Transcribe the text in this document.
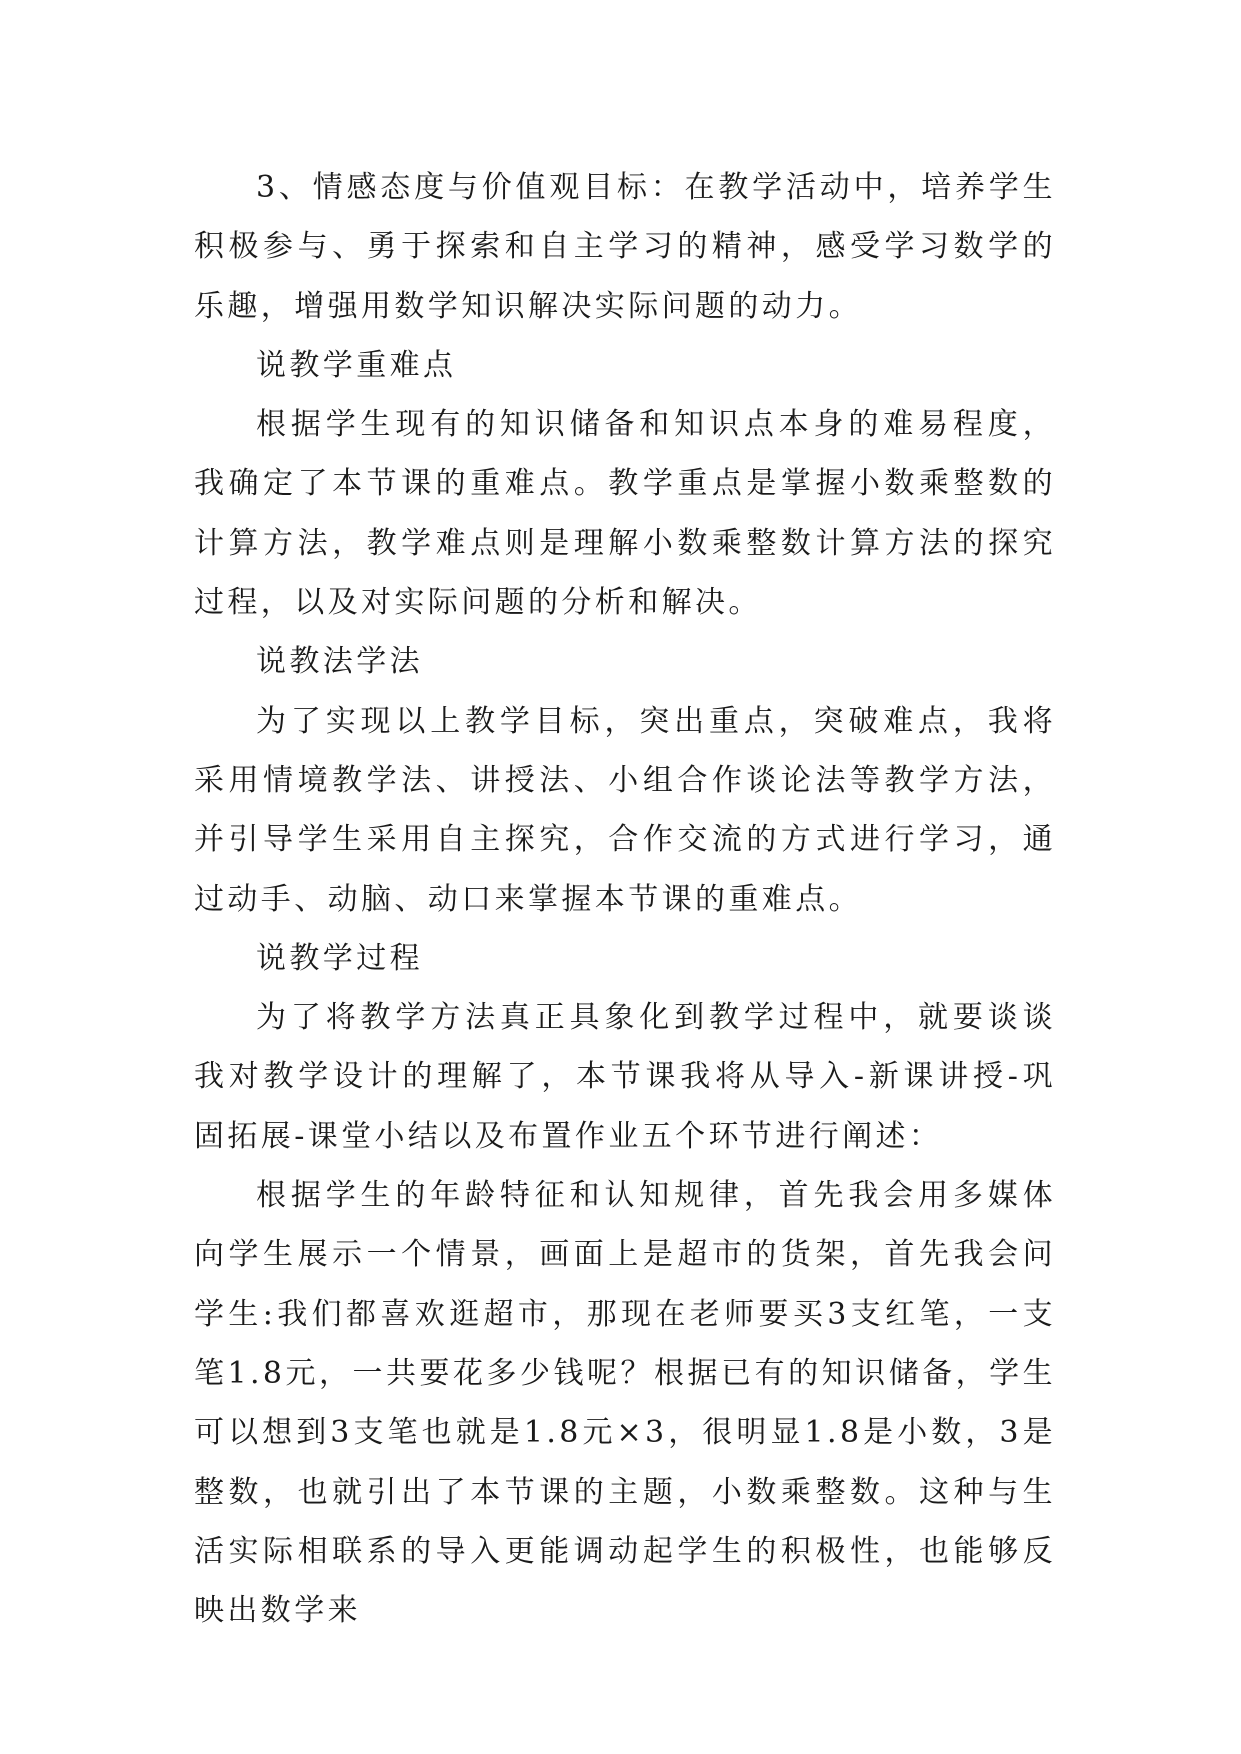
3、情感态度与价值观目标：在教学活动中，培养学生积极参与、勇于探索和自主学习的精神，感受学习数学的乐趣，增强用数学知识解决实际问题的动力。

说教学重难点

根据学生现有的知识储备和知识点本身的难易程度，我确定了本节课的重难点。教学重点是掌握小数乘整数的计算方法，教学难点则是理解小数乘整数计算方法的探究过程，以及对实际问题的分析和解决。

说教法学法

为了实现以上教学目标，突出重点，突破难点，我将采用情境教学法、讲授法、小组合作谈论法等教学方法，并引导学生采用自主探究，合作交流的方式进行学习，通过动手、动脑、动口来掌握本节课的重难点。

说教学过程

为了将教学方法真正具象化到教学过程中，就要谈谈我对教学设计的理解了，本节课我将从导入-新课讲授-巩固拓展-课堂小结以及布置作业五个环节进行阐述：

根据学生的年龄特征和认知规律，首先我会用多媒体向学生展示一个情景，画面上是超市的货架，首先我会问学生:我们都喜欢逛超市，那现在老师要买3支红笔，一支笔1.8元，一共要花多少钱呢？根据已有的知识储备，学生可以想到3支笔也就是1.8元×3，很明显1.8是小数，3是整数，也就引出了本节课的主题，小数乘整数。这种与生活实际相联系的导入更能调动起学生的积极性，也能够反映出数学来
